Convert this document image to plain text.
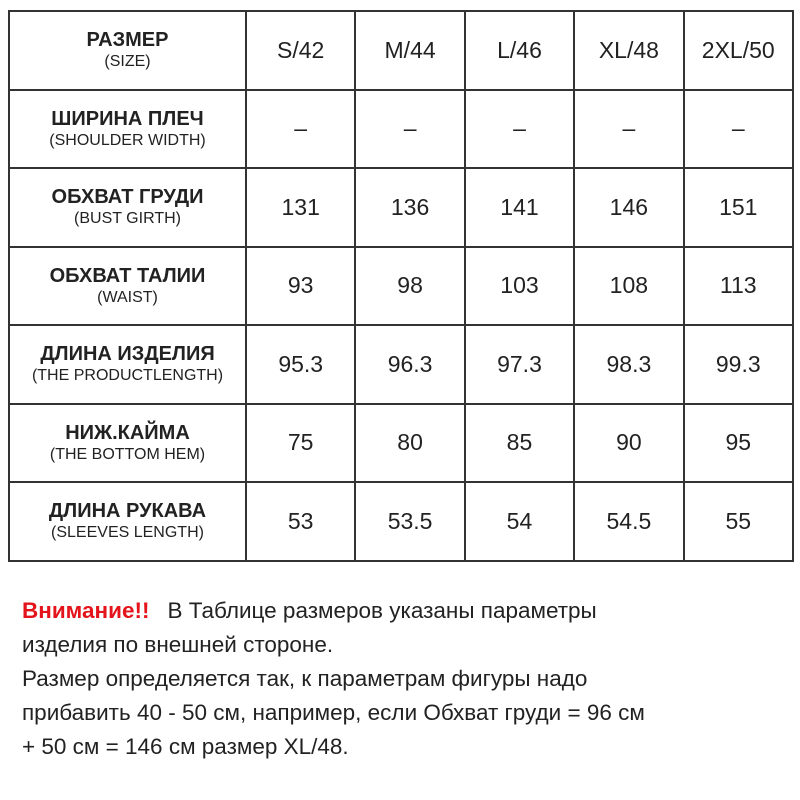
РАЗМЕР
(SIZE)	S/42	M/44	L/46	XL/48	2XL/50

ШИРИНА ПЛЕЧ
(SHOULDER WIDTH)	–	–	–	–	–

ОБХВАТ ГРУДИ
(BUST GIRTH)	131	136	141	146	151

ОБХВАТ ТАЛИИ
(WAIST)	93	98	103	108	113

ДЛИНА ИЗДЕЛИЯ
(THE PRODUCTLENGTH)	95.3	96.3	97.3	98.3	99.3

НИЖ.КАЙМА
(THE BOTTOM HEM)	75	80	85	90	95

ДЛИНА РУКАВА
(SLEEVES LENGTH)	53	53.5	54	54.5	55

Внимание!! В Таблице размеров указаны параметры

изделия по внешней стороне.

Размер определяется так, к параметрам фигуры надо

прибавить 40 - 50 см, например, если Обхват груди = 96 см

+ 50 см = 146 см размер XL/48.
